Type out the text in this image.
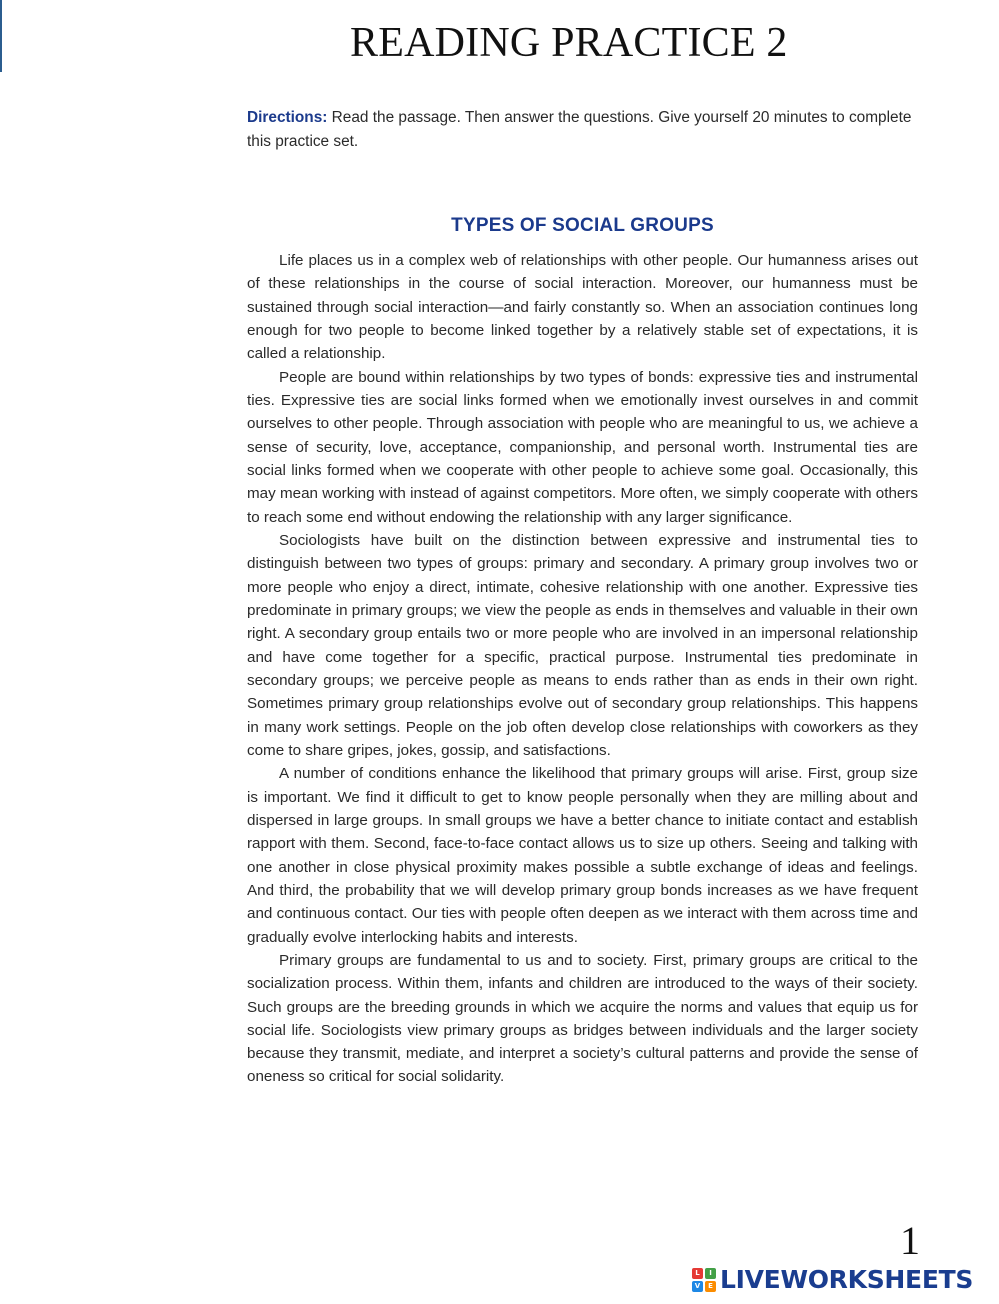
READING PRACTICE 2
Directions: Read the passage. Then answer the questions. Give yourself 20 minutes to complete this practice set.
TYPES OF SOCIAL GROUPS

Life places us in a complex web of relationships with other people. Our humanness arises out of these relationships in the course of social interaction. Moreover, our humanness must be sustained through social interaction—and fairly constantly so. When an association continues long enough for two people to become linked together by a relatively stable set of expectations, it is called a relationship.

People are bound within relationships by two types of bonds: expressive ties and instrumental ties. Expressive ties are social links formed when we emotionally invest ourselves in and commit ourselves to other people. Through association with people who are meaningful to us, we achieve a sense of security, love, acceptance, companionship, and personal worth. Instrumental ties are social links formed when we cooperate with other people to achieve some goal. Occasionally, this may mean working with instead of against competitors. More often, we simply cooperate with others to reach some end without endowing the relationship with any larger significance.

Sociologists have built on the distinction between expressive and instrumental ties to distinguish between two types of groups: primary and secondary. A primary group involves two or more people who enjoy a direct, intimate, cohesive relationship with one another. Expressive ties predominate in primary groups; we view the people as ends in themselves and valuable in their own right. A secondary group entails two or more people who are involved in an impersonal relationship and have come together for a specific, practical purpose. Instrumental ties predominate in secondary groups; we perceive people as means to ends rather than as ends in their own right. Sometimes primary group relationships evolve out of secondary group relationships. This happens in many work settings. People on the job often develop close relationships with coworkers as they come to share gripes, jokes, gossip, and satisfactions.

A number of conditions enhance the likelihood that primary groups will arise. First, group size is important. We find it difficult to get to know people personally when they are milling about and dispersed in large groups. In small groups we have a better chance to initiate contact and establish rapport with them. Second, face-to-face contact allows us to size up others. Seeing and talking with one another in close physical proximity makes possible a subtle exchange of ideas and feelings. And third, the probability that we will develop primary group bonds increases as we have frequent and continuous contact. Our ties with people often deepen as we interact with them across time and gradually evolve interlocking habits and interests.

Primary groups are fundamental to us and to society. First, primary groups are critical to the socialization process. Within them, infants and children are introduced to the ways of their society. Such groups are the breeding grounds in which we acquire the norms and values that equip us for social life. Sociologists view primary groups as bridges between individuals and the larger society because they transmit, mediate, and interpret a society’s cultural patterns and provide the sense of oneness so critical for social solidarity.

1
L	I
V	E LIVEWORKSHEETS
